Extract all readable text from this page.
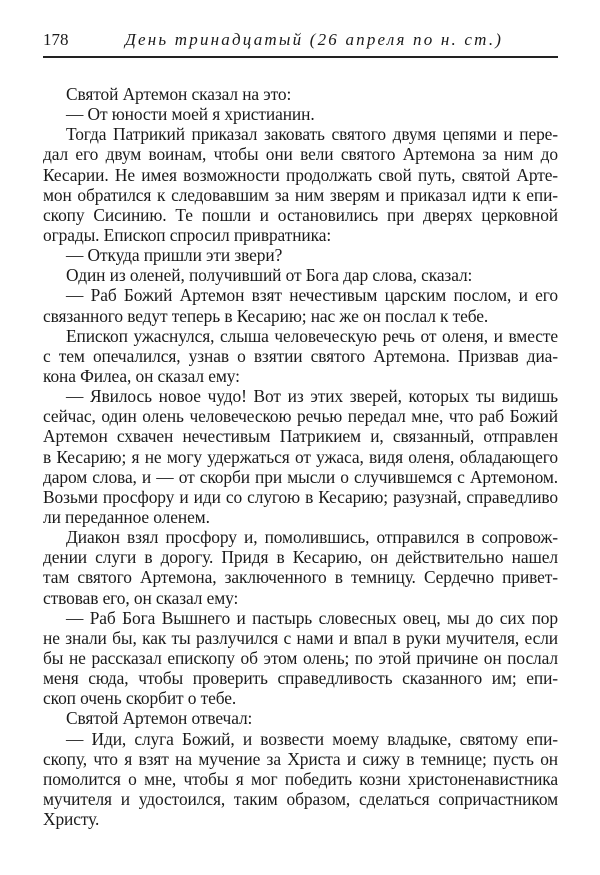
178	День тринадцатый (26 апреля по н. ст.)
Святой Артемон сказал на это:
— От юности моей я христианин.
Тогда Патрикий приказал заковать святого двумя цепями и пере-
дал его двум воинам, чтобы они вели святого Артемона за ним до
Кесарии. Не имея возможности продолжать свой путь, святой Арте-
мон обратился к следовавшим за ним зверям и приказал идти к епи-
скопу Сисинию. Те пошли и остановились при дверях церковной
ограды. Епископ спросил привратника:
— Откуда пришли эти звери?
Один из оленей, получивший от Бога дар слова, сказал:
— Раб Божий Артемон взят нечестивым царским послом, и его
связанного ведут теперь в Кесарию; нас же он послал к тебе.
Епископ ужаснулся, слыша человеческую речь от оленя, и вместе
с тем опечалился, узнав о взятии святого Артемона. Призвав диа-
кона Филеа, он сказал ему:
— Явилось новое чудо! Вот из этих зверей, которых ты видишь
сейчас, один олень человеческою речью передал мне, что раб Божий
Артемон схвачен нечестивым Патрикием и, связанный, отправлен
в Кесарию; я не могу удержаться от ужаса, видя оленя, обладающего
даром слова, и — от скорби при мысли о случившемся с Артемоном.
Возьми просфору и иди со слугою в Кесарию; разузнай, справедливо
ли переданное оленем.
Диакон взял просфору и, помолившись, отправился в сопровож-
дении слуги в дорогу. Придя в Кесарию, он действительно нашел
там святого Артемона, заключенного в темницу. Сердечно привет-
ствовав его, он сказал ему:
— Раб Бога Вышнего и пастырь словесных овец, мы до сих пор
не знали бы, как ты разлучился с нами и впал в руки мучителя, если
бы не рассказал епископу об этом олень; по этой причине он послал
меня сюда, чтобы проверить справедливость сказанного им; епи-
скоп очень скорбит о тебе.
Святой Артемон отвечал:
— Иди, слуга Божий, и возвести моему владыке, святому епи-
скопу, что я взят на мучение за Христа и сижу в темнице; пусть он
помолится о мне, чтобы я мог победить козни христоненавистника
мучителя и удостоился, таким образом, сделаться сопричастником
Христу.
